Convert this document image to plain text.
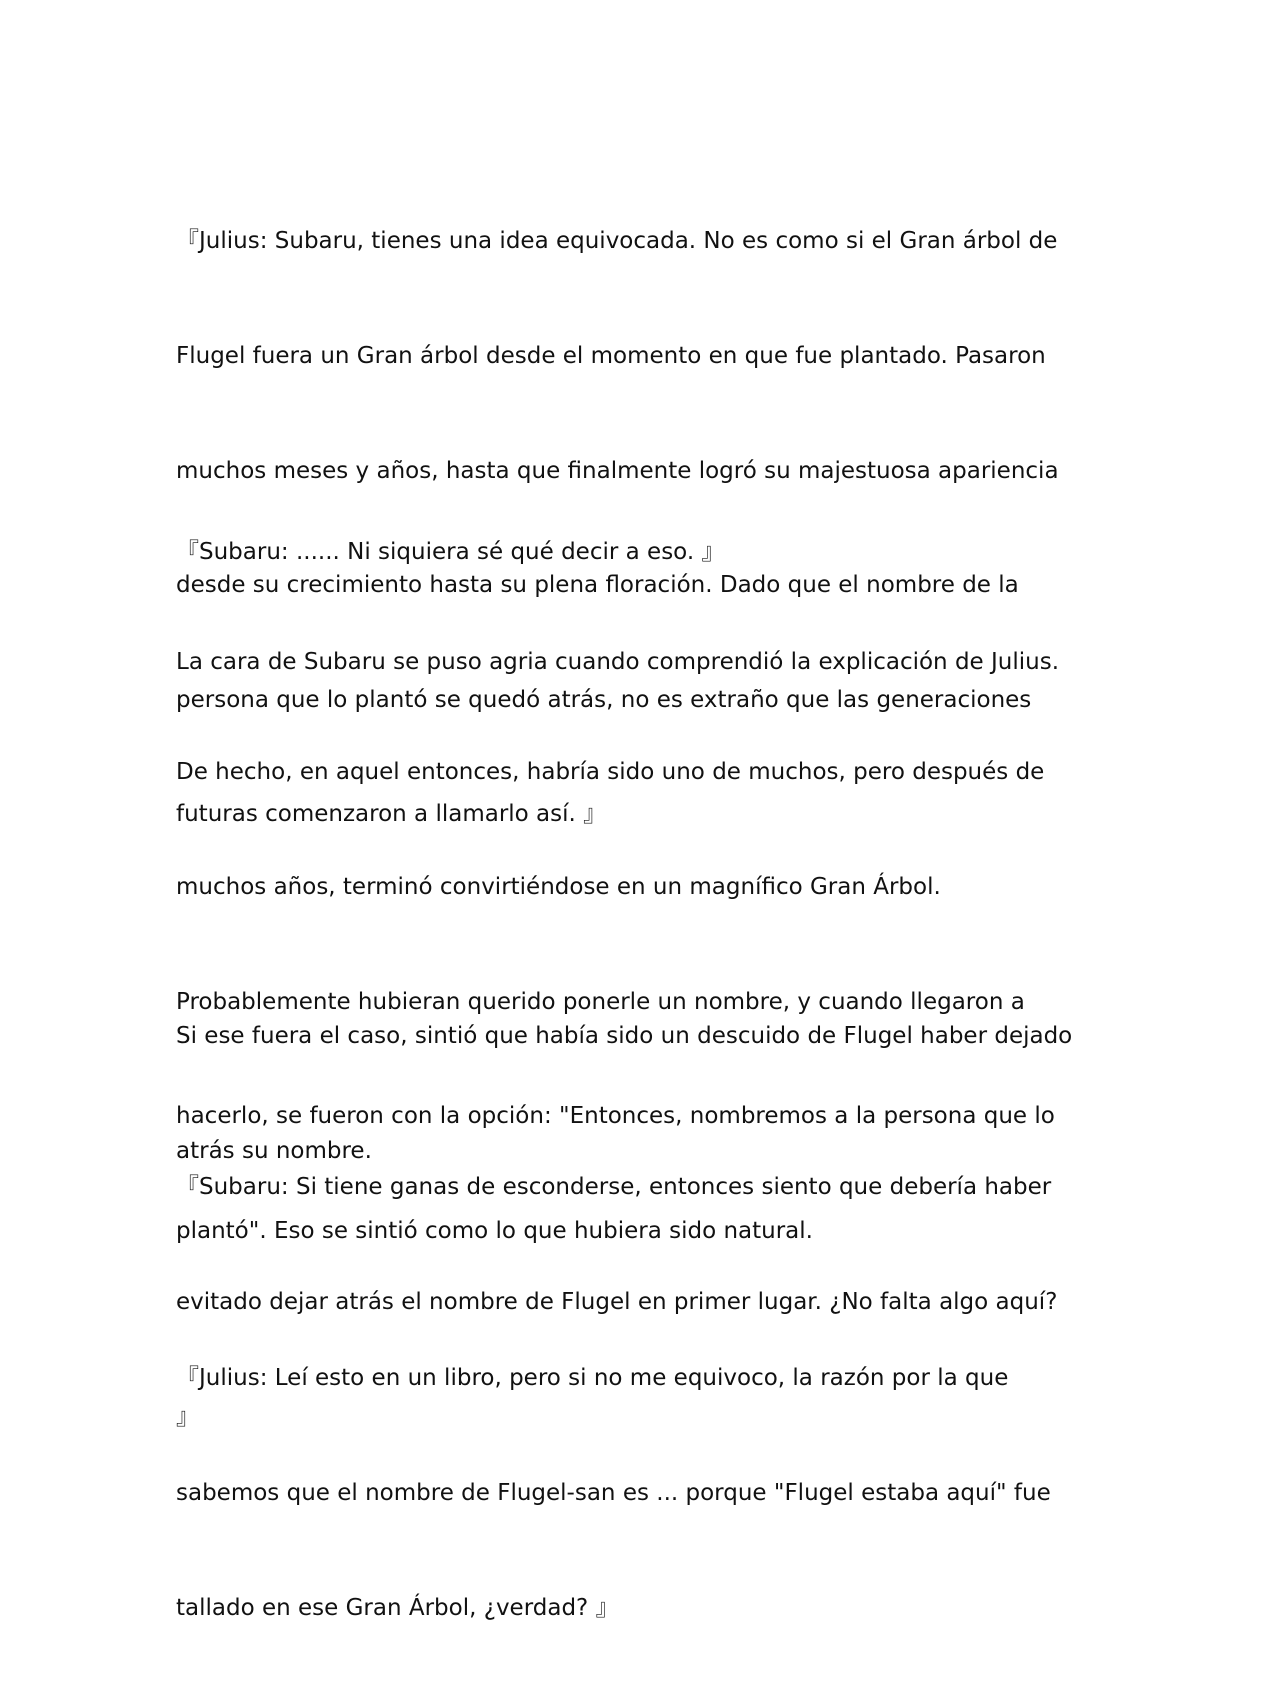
『Julius: Subaru, tienes una idea equivocada. No es como si el Gran árbol de

Flugel fuera un Gran árbol desde el momento en que fue plantado. Pasaron

muchos meses y años, hasta que finalmente logró su majestuosa apariencia

desde su crecimiento hasta su plena floración. Dado que el nombre de la

persona que lo plantó se quedó atrás, no es extraño que las generaciones

futuras comenzaron a llamarlo así. 』

『Subaru: ...... Ni siquiera sé qué decir a eso. 』

La cara de Subaru se puso agria cuando comprendió la explicación de Julius.

De hecho, en aquel entonces, habría sido uno de muchos, pero después de

muchos años, terminó convirtiéndose en un magnífico Gran Árbol.

Probablemente hubieran querido ponerle un nombre, y cuando llegaron a

hacerlo, se fueron con la opción: "Entonces, nombremos a la persona que lo

plantó". Eso se sintió como lo que hubiera sido natural.

Si ese fuera el caso, sintió que había sido un descuido de Flugel haber dejado

atrás su nombre.

『Subaru: Si tiene ganas de esconderse, entonces siento que debería haber

evitado dejar atrás el nombre de Flugel en primer lugar. ¿No falta algo aquí?

』

『Julius: Leí esto en un libro, pero si no me equivoco, la razón por la que

sabemos que el nombre de Flugel-san es ... porque "Flugel estaba aquí" fue

tallado en ese Gran Árbol, ¿verdad? 』
